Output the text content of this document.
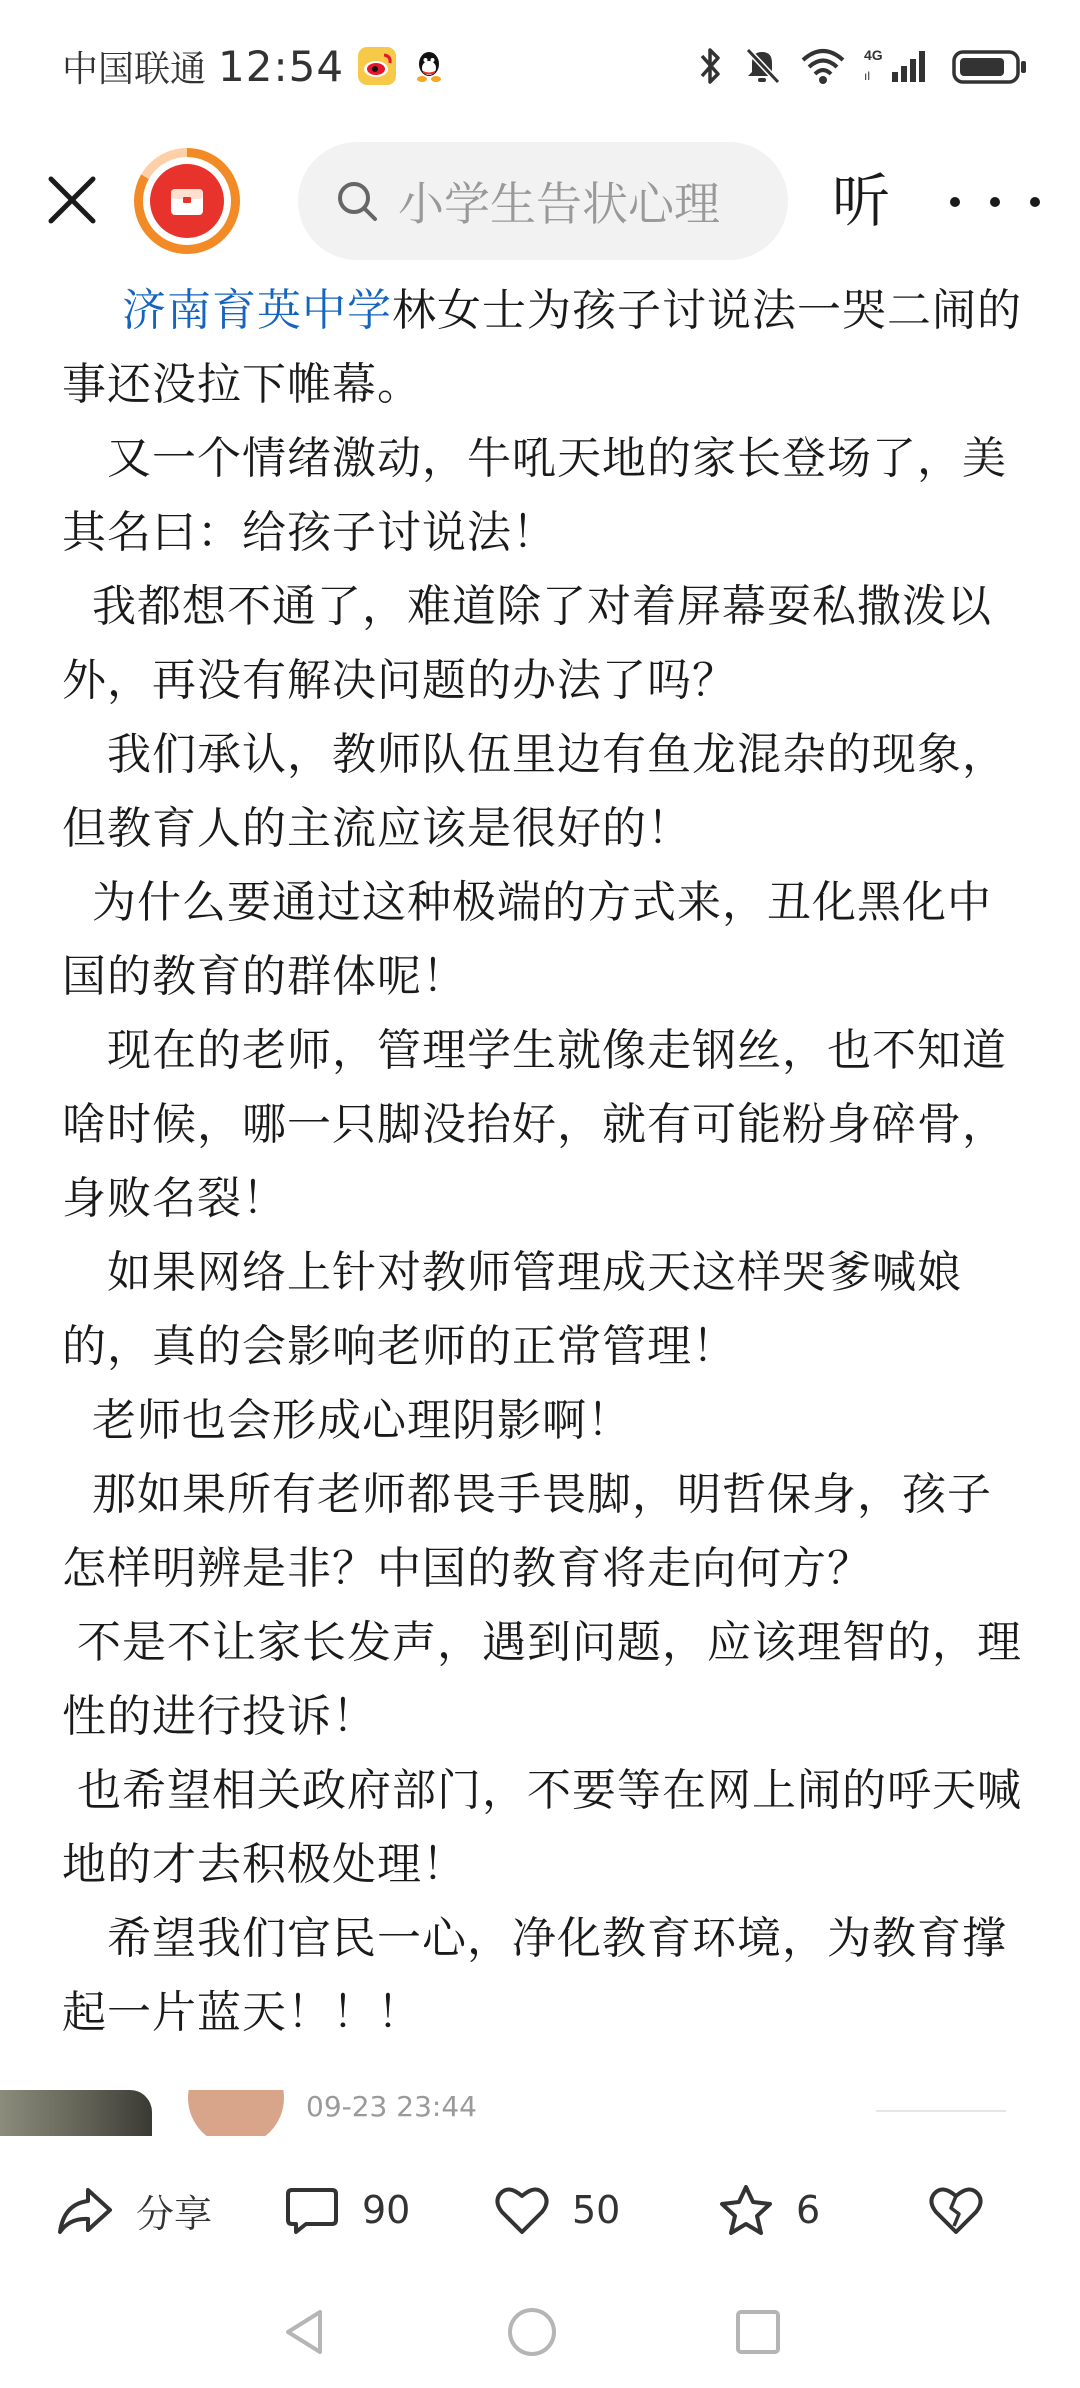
中国联通 12:54	4G
ıl
小学生告状心理	听

济南育英中学林女士为孩子讨说法一哭二闹的事还没拉下帷幕。

又一个情绪激动，牛吼天地的家长登场了，美其名曰：给孩子讨说法！

我都想不通了，难道除了对着屏幕耍私撒泼以外，再没有解决问题的办法了吗？

我们承认，教师队伍里边有鱼龙混杂的现象，但教育人的主流应该是很好的！

为什么要通过这种极端的方式来，丑化黑化中国的教育的群体呢！

现在的老师，管理学生就像走钢丝，也不知道啥时候，哪一只脚没抬好，就有可能粉身碎骨，身败名裂！

如果网络上针对教师管理成天这样哭爹喊娘的，真的会影响老师的正常管理！

老师也会形成心理阴影啊！

那如果所有老师都畏手畏脚，明哲保身，孩子怎样明辨是非？中国的教育将走向何方？

不是不让家长发声，遇到问题，应该理智的，理性的进行投诉！

也希望相关政府部门，不要等在网上闹的呼天喊地的才去积极处理！

希望我们官民一心，净化教育环境，为教育撑起一片蓝天！！！

09-23 23:44
分享	90	50	6
